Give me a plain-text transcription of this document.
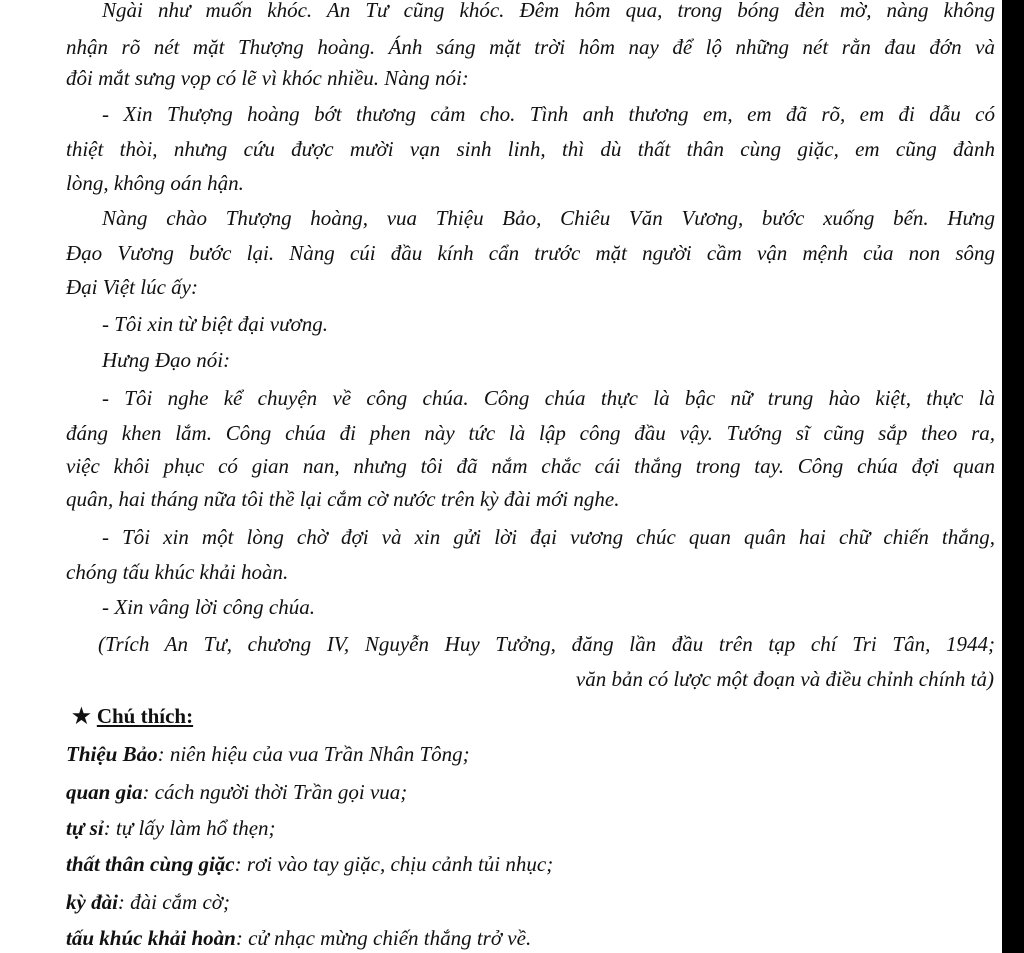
Ngài như muốn khóc. An Tư cũng khóc. Đêm hôm qua, trong bóng đèn mờ, nàng không
nhận rõ nét mặt Thượng hoàng. Ánh sáng mặt trời hôm nay để lộ những nét rằn đau đớn và
đôi mắt sưng vọp có lẽ vì khóc nhiều. Nàng nói:
- Xin Thượng hoàng bớt thương cảm cho. Tình anh thương em, em đã rõ, em đi dẫu có
thiệt thòi, nhưng cứu được mười vạn sinh linh, thì dù thất thân cùng giặc, em cũng đành
lòng, không oán hận.
Nàng chào Thượng hoàng, vua Thiệu Bảo, Chiêu Văn Vương, bước xuống bến. Hưng
Đạo Vương bước lại. Nàng cúi đầu kính cẩn trước mặt người cầm vận mệnh của non sông
Đại Việt lúc ấy:
- Tôi xin từ biệt đại vương.
Hưng Đạo nói:
- Tôi nghe kể chuyện về công chúa. Công chúa thực là bậc nữ trung hào kiệt, thực là
đáng khen lắm. Công chúa đi phen này tức là lập công đầu vậy. Tướng sĩ cũng sắp theo ra,
việc khôi phục có gian nan, nhưng tôi đã nắm chắc cái thắng trong tay. Công chúa đợi quan
quân, hai tháng nữa tôi thề lại cắm cờ nước trên kỳ đài mới nghe.
- Tôi xin một lòng chờ đợi và xin gửi lời đại vương chúc quan quân hai chữ chiến thắng,
chóng tấu khúc khải hoàn.
- Xin vâng lời công chúa.
(Trích An Tư, chương IV, Nguyễn Huy Tưởng, đăng lần đầu trên tạp chí Tri Tân, 1944;
văn bản có lược một đoạn và điều chỉnh chính tả)
★ Chú thích:
Thiệu Bảo: niên hiệu của vua Trần Nhân Tông;
quan gia: cách người thời Trần gọi vua;
tự sỉ: tự lấy làm hổ thẹn;
thất thân cùng giặc: rơi vào tay giặc, chịu cảnh tủi nhục;
kỳ đài: đài cắm cờ;
tấu khúc khải hoàn: cử nhạc mừng chiến thắng trở về.
